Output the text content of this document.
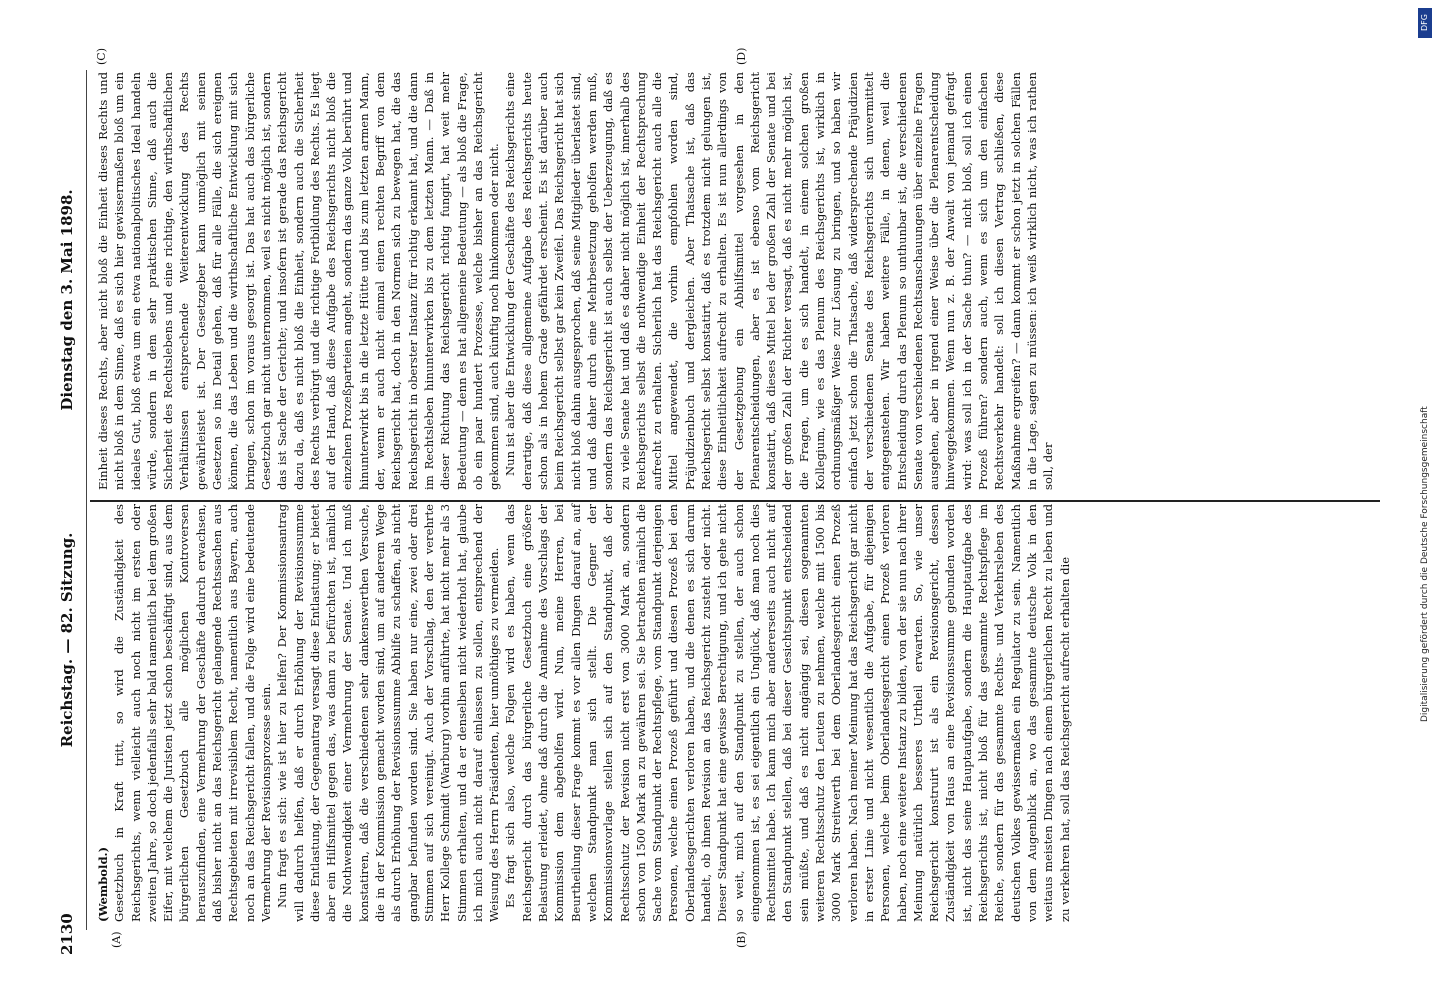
2130
Reichstag. — 82. Sitzung.
Dienstag den 3. Mai 1898.
(A)	(B)
(C)	(D)

(Wembold.) Gesetzbuch in Kraft tritt, so wird die Zuständigkeit des Reichsgerichts, wenn vielleicht auch noch nicht im ersten oder zweiten Jahre, so doch jedenfalls sehr bald namentlich bei dem großen Eifer, mit welchem die Juristen jetzt schon beschäftigt sind, aus dem bürgerlichen Gesetzbuch alle möglichen Kontroversen herauszufinden, eine Vermehrung der Geschäfte dadurch erwachsen, daß bisher nicht an das Reichsgericht gelangende Rechtssachen aus Rechtsgebieten mit irrevisiblem Recht, namentlich aus Bayern, auch noch an das Reichsgericht fallen, und die Folge wird eine bedeutende Vermehrung der Revisionsprozesse sein. Nun fragt es sich: wie ist hier zu helfen? Der Kommissionsantrag will dadurch helfen, daß er durch Erhöhung der Revisionssumme diese Entlastung, der Gegenantrag versagt diese Entlastung; er bietet aber ein Hilfsmittel gegen das, was dann zu befürchten ist, nämlich die Nothwendigkeit einer Vermehrung der Senate. Und ich muß konstatiren, daß die verschiedenen sehr dankenswerthen Versuche, die in der Kommission gemacht worden sind, um auf anderem Wege als durch Erhöhung der Revisionssumme Abhilfe zu schaffen, als nicht gangbar befunden worden sind. Sie haben nur eine, zwei oder drei Stimmen auf sich vereinigt. Auch der Vorschlag, den der verehrte Herr Kollege Schmidt (Warburg) vorhin anführte, hat nicht mehr als 3 Stimmen erhalten, und da er denselben nicht wiederholt hat, glaube ich mich auch nicht darauf einlassen zu sollen, entsprechend der Weisung des Herrn Präsidenten, hier unnöthiges zu vermeiden. Es fragt sich also, welche Folgen wird es haben, wenn das Reichsgericht durch das bürgerliche Gesetzbuch eine größere Belastung erleidet, ohne daß durch die Annahme des Vorschlags der Kommission dem abgeholfen wird. Nun, meine Herren, bei Beurtheilung dieser Frage kommt es vor allen Dingen darauf an, auf welchen Standpunkt man sich stellt. Die Gegner der Kommissionsvorlage stellen sich auf den Standpunkt, daß der Rechtsschutz der Revision nicht erst von 3000 Mark an, sondern schon von 1500 Mark an zu gewähren sei. Sie betrachten nämlich die Sache vom Standpunkt der Rechtspflege, vom Standpunkt derjenigen Personen, welche einen Prozeß geführt und diesen Prozeß bei den Oberlandesgerichten verloren haben, und die denen es sich darum handelt, ob ihnen Revision an das Reichsgericht zusteht oder nicht. Dieser Standpunkt hat eine gewisse Berechtigung, und ich gehe nicht so weit, mich auf den Standpunkt zu stellen, der auch schon eingenommen ist, es sei eigentlich ein Unglück, daß man noch dies Rechtsmittel habe. Ich kann mich aber andererseits auch nicht auf den Standpunkt stellen, daß bei dieser Gesichtspunkt entscheidend sein müßte, und daß es nicht angängig sei, diesen sogenannten weiteren Rechtsschutz den Leuten zu nehmen, welche mit 1500 bis 3000 Mark Streitwerth bei dem Oberlandesgericht einen Prozeß verloren haben. Nach meiner Meinung hat das Reichsgericht gar nicht in erster Linie und nicht wesentlich die Aufgabe, für diejenigen Personen, welche beim Oberlandesgericht einen Prozeß verloren haben, noch eine weitere Instanz zu bilden, von der sie nun nach ihrer Meinung natürlich besseres Urtheil erwarten. So, wie unser Reichsgericht konstruirt ist als ein Revisionsgericht, dessen Zuständigkeit von Haus an eine Revisionssumme gebunden worden ist, nicht das seine Hauptaufgabe, sondern die Hauptaufgabe des Reichsgerichts ist, nicht bloß für das gesammte Rechtspflege im Reiche, sondern für das gesammte Rechts- und Verkehrsleben des deutschen Volkes gewissermaßen ein Regulator zu sein. Namentlich von dem Augenblick an, wo das gesammte deutsche Volk in den weitaus meisten Dingen nach einem bürgerlichen Recht zu leben und zu verkehren hat, soll das Reichsgericht aufrecht erhalten die

Einheit dieses Rechts, aber nicht bloß die Einheit dieses Rechts und nicht bloß in dem Sinne, daß es sich hier gewissermaßen bloß um ein ideales Gut, bloß etwa um ein etwa nationalpolitisches Ideal handeln würde, sondern in dem sehr praktischen Sinne, daß auch die Sicherheit des Rechtslebens und eine richtige, den wirthschaftlichen Verhältnissen entsprechende Weiterentwicklung des Rechts gewährleistet ist. Der Gesetzgeber kann unmöglich mit seinen Gesetzen so ins Detail gehen, daß für alle Fälle, die sich ereignen können, die das Leben und die wirthschaftliche Entwicklung mit sich bringen, schon im voraus gesorgt ist. Das hat auch das bürgerliche Gesetzbuch gar nicht unternommen, weil es nicht möglich ist, sondern das ist Sache der Gerichte; und insofern ist gerade das Reichsgericht dazu da, daß es nicht bloß die Einheit, sondern auch die Sicherheit des Rechts verbürgt und die richtige Fortbildung des Rechts. Es liegt auf der Hand, daß diese Aufgabe des Reichsgerichts nicht bloß die einzelnen Prozeßparteien angeht, sondern das ganze Volk berührt und hinunterwirkt bis in die letzte Hütte und bis zum letzten armen Mann, der, wenn er auch nicht einmal einen rechten Begriff von dem Reichsgericht hat, doch in den Normen sich zu bewegen hat, die das Reichsgericht in oberster Instanz für richtig erkannt hat, und die dann im Rechtsleben hinunterwirken bis zu dem letzten Mann. — Daß in dieser Richtung das Reichsgericht richtig fungirt, hat weit mehr Bedeutung — denn es hat allgemeine Bedeutung — als bloß die Frage, ob ein paar hundert Prozesse, welche bisher an das Reichsgericht gekommen sind, auch künftig noch hinkommen oder nicht. Nun ist aber die Entwicklung der Geschäfte des Reichsgerichts eine derartige, daß diese allgemeine Aufgabe des Reichsgerichts heute schon als in hohem Grade gefährdet erscheint. Es ist darüber auch beim Reichsgericht selbst gar kein Zweifel. Das Reichsgericht hat sich nicht bloß dahin ausgesprochen, daß seine Mitglieder überlastet sind, und daß daher durch eine Mehrbesetzung geholfen werden muß, sondern das Reichsgericht ist auch selbst der Ueberzeugung, daß es zu viele Senate hat und daß es daher nicht möglich ist, innerhalb des Reichsgerichts selbst die nothwendige Einheit der Rechtsprechung aufrecht zu erhalten. Sicherlich hat das Reichsgericht auch alle die Mittel angewendet, die vorhin empfohlen worden sind, Präjudizienbuch und dergleichen. Aber Thatsache ist, daß das Reichsgericht selbst konstatirt, daß es trotzdem nicht gelungen ist, diese Einheitlichkeit aufrecht zu erhalten. Es ist nun allerdings von der Gesetzgebung ein Abhilfsmittel vorgesehen in den Plenarentscheidungen, aber es ist ebenso vom Reichsgericht konstatirt, daß dieses Mittel bei der großen Zahl der Senate und bei der großen Zahl der Richter versagt, daß es nicht mehr möglich ist, die Fragen, um die es sich handelt, in einem solchen großen Kollegium, wie es das Plenum des Reichsgerichts ist, wirklich in ordnungsmäßiger Weise zur Lösung zu bringen, und so haben wir einfach jetzt schon die Thatsache, daß widersprechende Präjudizien der verschiedenen Senate des Reichsgerichts sich unvermittelt entgegenstehen. Wir haben weitere Fälle, in denen, weil die Entscheidung durch das Plenum so unthunbar ist, die verschiedenen Senate von verschiedenen Rechtsanschauungen über einzelne Fragen ausgehen, aber in irgend einer Weise über die Plenarentscheidung hinweggekommen. Wenn nun z. B. der Anwalt von jemand gefragt wird: was soll ich in der Sache thun? — nicht bloß, soll ich einen Prozeß führen? sondern auch, wenn es sich um den einfachen Rechtsverkehr handelt: soll ich diesen Vertrag schließen, diese Maßnahme ergreifen? — dann kommt er schon jetzt in solchen Fällen in die Lage, sagen zu müssen: ich weiß wirklich nicht, was ich rathen soll, der

DFG
Digitalisierung gefördert durch die Deutsche Forschungsgemeinschaft
